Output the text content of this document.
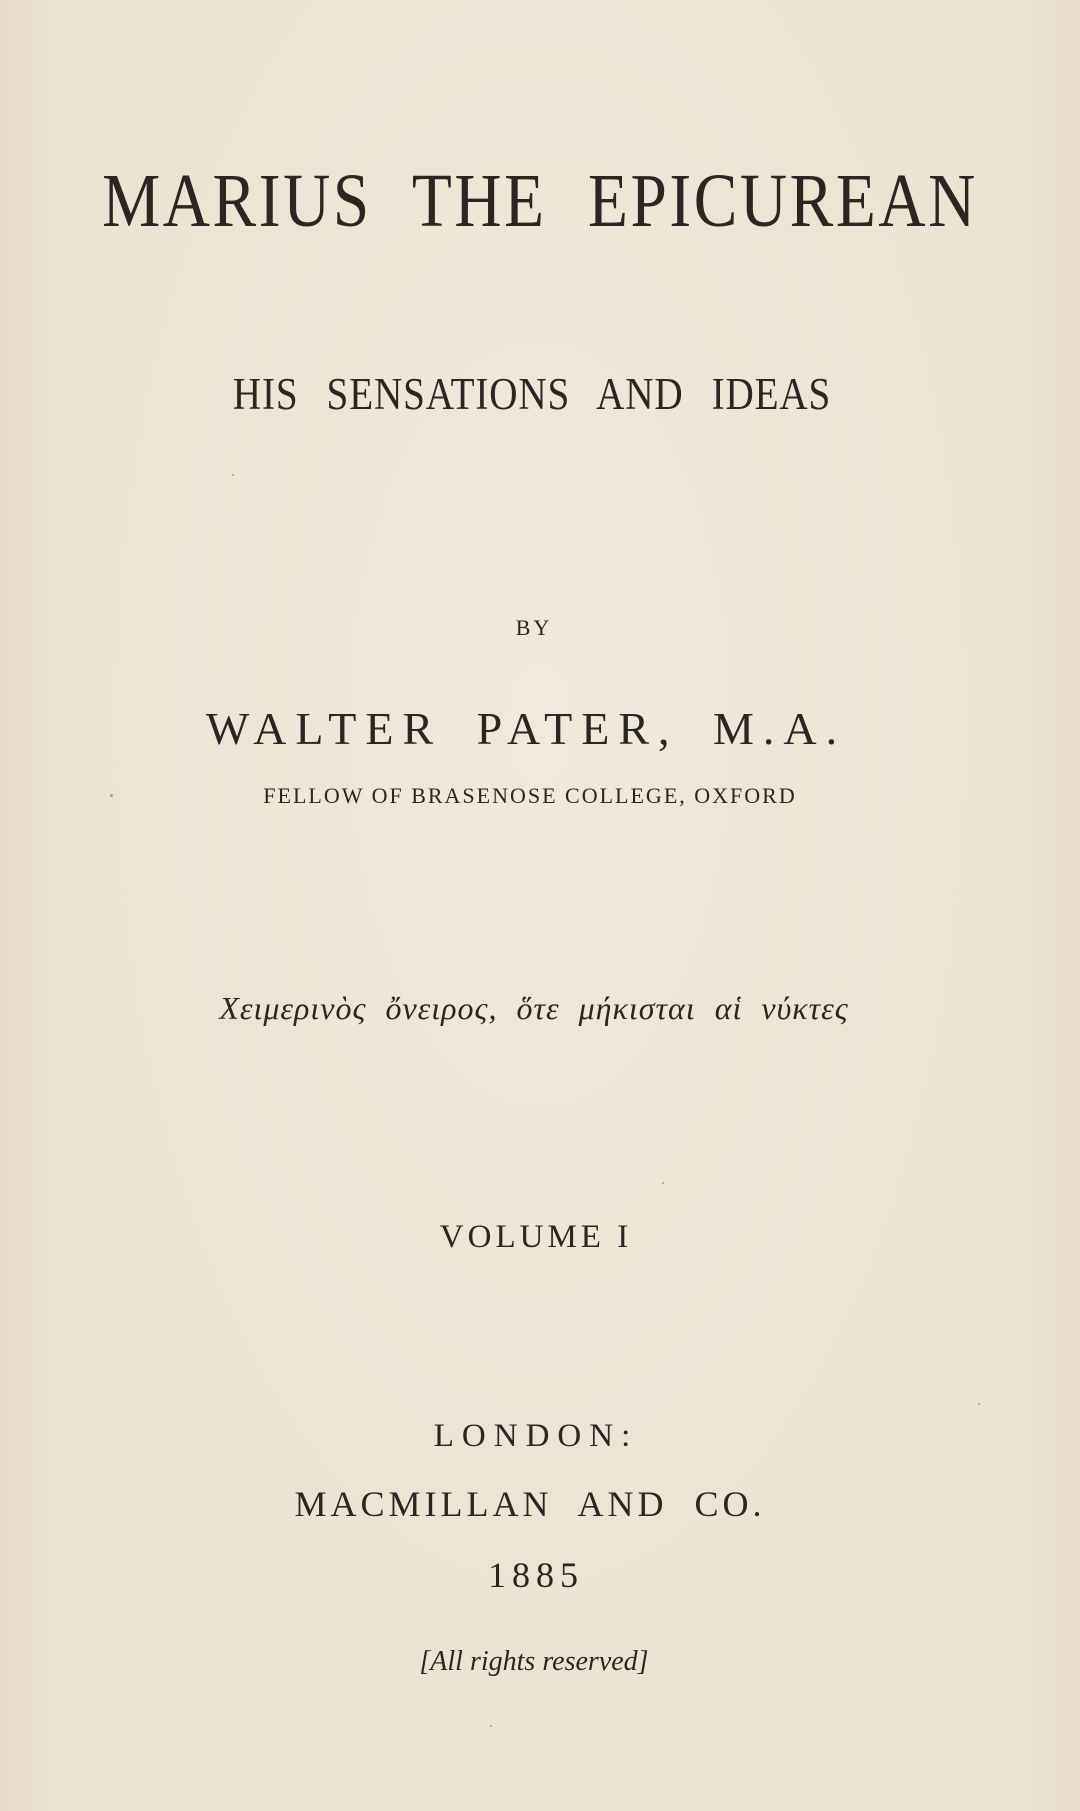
MARIUS THE EPICUREAN
HIS SENSATIONS AND IDEAS
BY
WALTER PATER, M.A.
FELLOW OF BRASENOSE COLLEGE, OXFORD
Χειμερινὸς ὄνειρος, ὅτε μήκισται αἱ νύκτες
VOLUME I
LONDON:
MACMILLAN AND CO.
1885
[All rights reserved]
